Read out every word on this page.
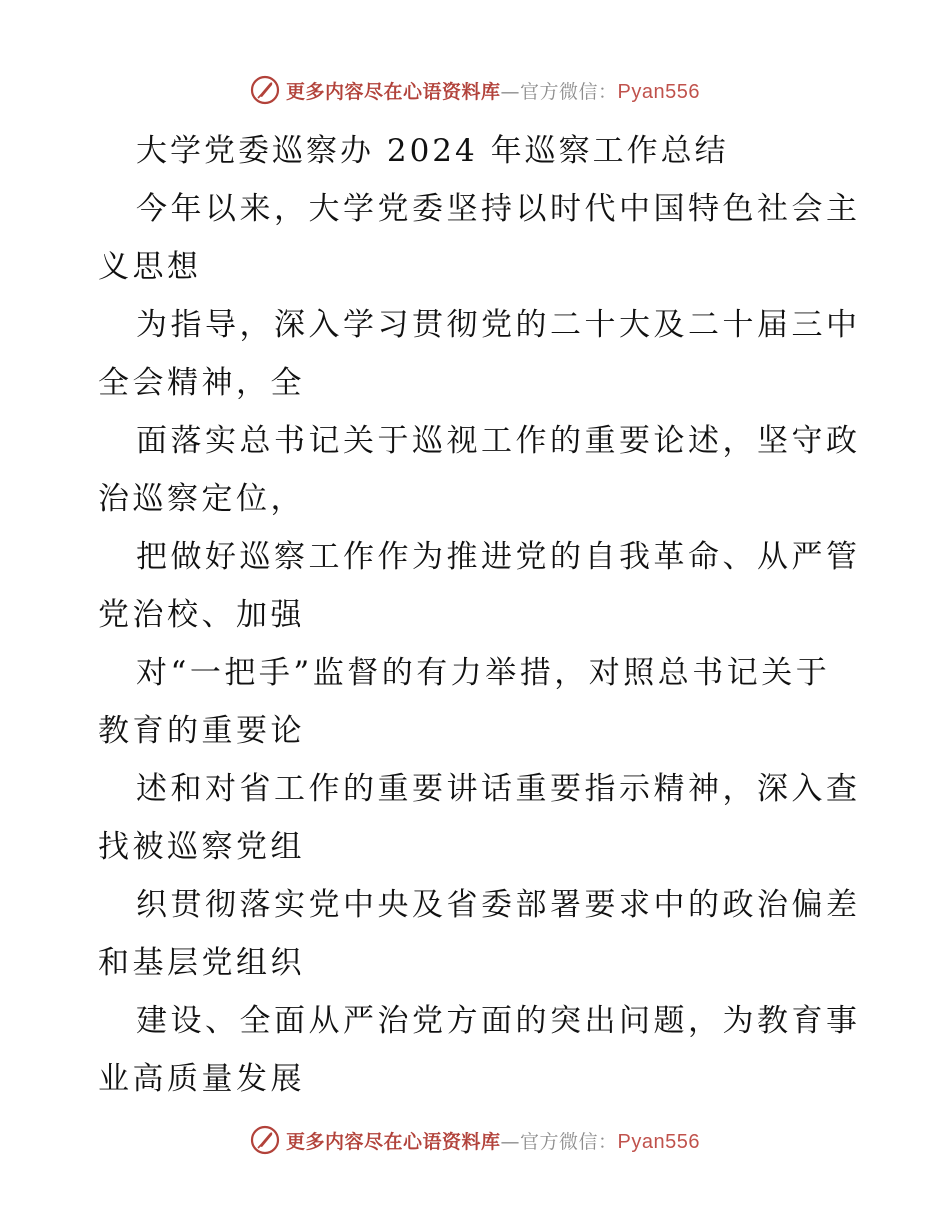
更多内容尽在心语资料库 — 官方微信： Pyan556
大学党委巡察办 2024 年巡察工作总结
今年以来，大学党委坚持以时代中国特色社会主
义思想
为指导，深入学习贯彻党的二十大及二十届三中
全会精神，全
面落实总书记关于巡视工作的重要论述，坚守政
治巡察定位，
把做好巡察工作作为推进党的自我革命、从严管
党治校、加强
对“一把手”监督的有力举措，对照总书记关于
教育的重要论
述和对省工作的重要讲话重要指示精神，深入查
找被巡察党组
织贯彻落实党中央及省委部署要求中的政治偏差
和基层党组织
建设、全面从严治党方面的突出问题，为教育事
业高质量发展
更多内容尽在心语资料库 — 官方微信： Pyan556
